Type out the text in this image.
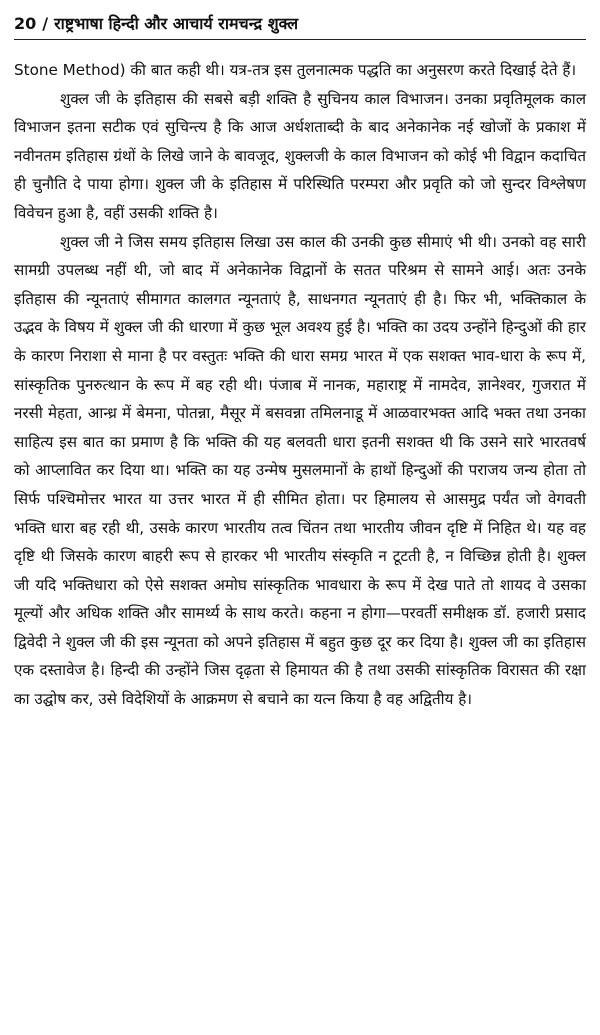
20 / राष्ट्रभाषा हिन्दी और आचार्य रामचन्द्र शुक्ल

Stone Method) की बात कही थी। यत्र-तत्र इस तुलनात्मक पद्धति का अनुसरण करते दिखाई देते हैं।

शुक्ल जी के इतिहास की सबसे बड़ी शक्ति है सुचिनय काल विभाजन। उनका प्रवृतिमूलक काल विभाजन इतना सटीक एवं सुचिन्त्य है कि आज अर्धशताब्दी के बाद अनेकानेक नई खोजों के प्रकाश में नवीनतम इतिहास ग्रंथों के लिखे जाने के बावजूद, शुक्लजी के काल विभाजन को कोई भी विद्वान कदाचित ही चुनौति दे पाया होगा। शुक्ल जी के इतिहास में परिस्थिति परम्परा और प्रवृति को जो सुन्दर विश्लेषण विवेचन हुआ है, वहीं उसकी शक्ति है।

शुक्ल जी ने जिस समय इतिहास लिखा उस काल की उनकी कुछ सीमाएं भी थी। उनको वह सारी सामग्री उपलब्ध नहीं थी, जो बाद में अनेकानेक विद्वानों के सतत परिश्रम से सामने आई। अतः उनके इतिहास की न्यूनताएं सीमागत कालगत न्यूनताएं है, साधनगत न्यूनताएं ही है। फिर भी, भक्तिकाल के उद्भव के विषय में शुक्ल जी की धारणा में कुछ भूल अवश्य हुई है। भक्ति का उदय उन्होंने हिन्दुओं की हार के कारण निराशा से माना है पर वस्तुतः भक्ति की धारा समग्र भारत में एक सशक्त भाव-धारा के रूप में, सांस्कृतिक पुनरुत्थान के रूप में बह रही थी। पंजाब में नानक, महाराष्ट्र में नामदेव, ज्ञानेश्वर, गुजरात में नरसी मेहता, आन्ध्र में बेमना, पोतन्ना, मैसूर में बसवन्ना तमिलनाडू में आळवारभक्त आदि भक्त तथा उनका साहित्य इस बात का प्रमाण है कि भक्ति की यह बलवती धारा इतनी सशक्त थी कि उसने सारे भारतवर्ष को आप्लावित कर दिया था। भक्ति का यह उन्मेष मुसलमानों के हाथों हिन्दुओं की पराजय जन्य होता तो सिर्फ पश्चिमोत्तर भारत या उत्तर भारत में ही सीमित होता। पर हिमालय से आसमुद्र पर्यंत जो वेगवती भक्ति धारा बह रही थी, उसके कारण भारतीय तत्व चिंतन तथा भारतीय जीवन दृष्टि में निहित थे। यह वह दृष्टि थी जिसके कारण बाहरी रूप से हारकर भी भारतीय संस्कृति न टूटती है, न विच्छिन्न होती है। शुक्ल जी यदि भक्तिधारा को ऐसे सशक्त अमोघ सांस्कृतिक भावधारा के रूप में देख पाते तो शायद वे उसका मूल्यों और अधिक शक्ति और सामर्थ्य के साथ करते। कहना न होगा—परवर्ती समीक्षक डॉ. हजारी प्रसाद द्विवेदी ने शुक्ल जी की इस न्यूनता को अपने इतिहास में बहुत कुछ दूर कर दिया है। शुक्ल जी का इतिहास एक दस्तावेज है। हिन्दी की उन्होंने जिस दृढ़ता से हिमायत की है तथा उसकी सांस्कृतिक विरासत की रक्षा का उद्घोष कर, उसे विदेशियों के आक्रमण से बचाने का यत्न किया है वह अद्वितीय है।
